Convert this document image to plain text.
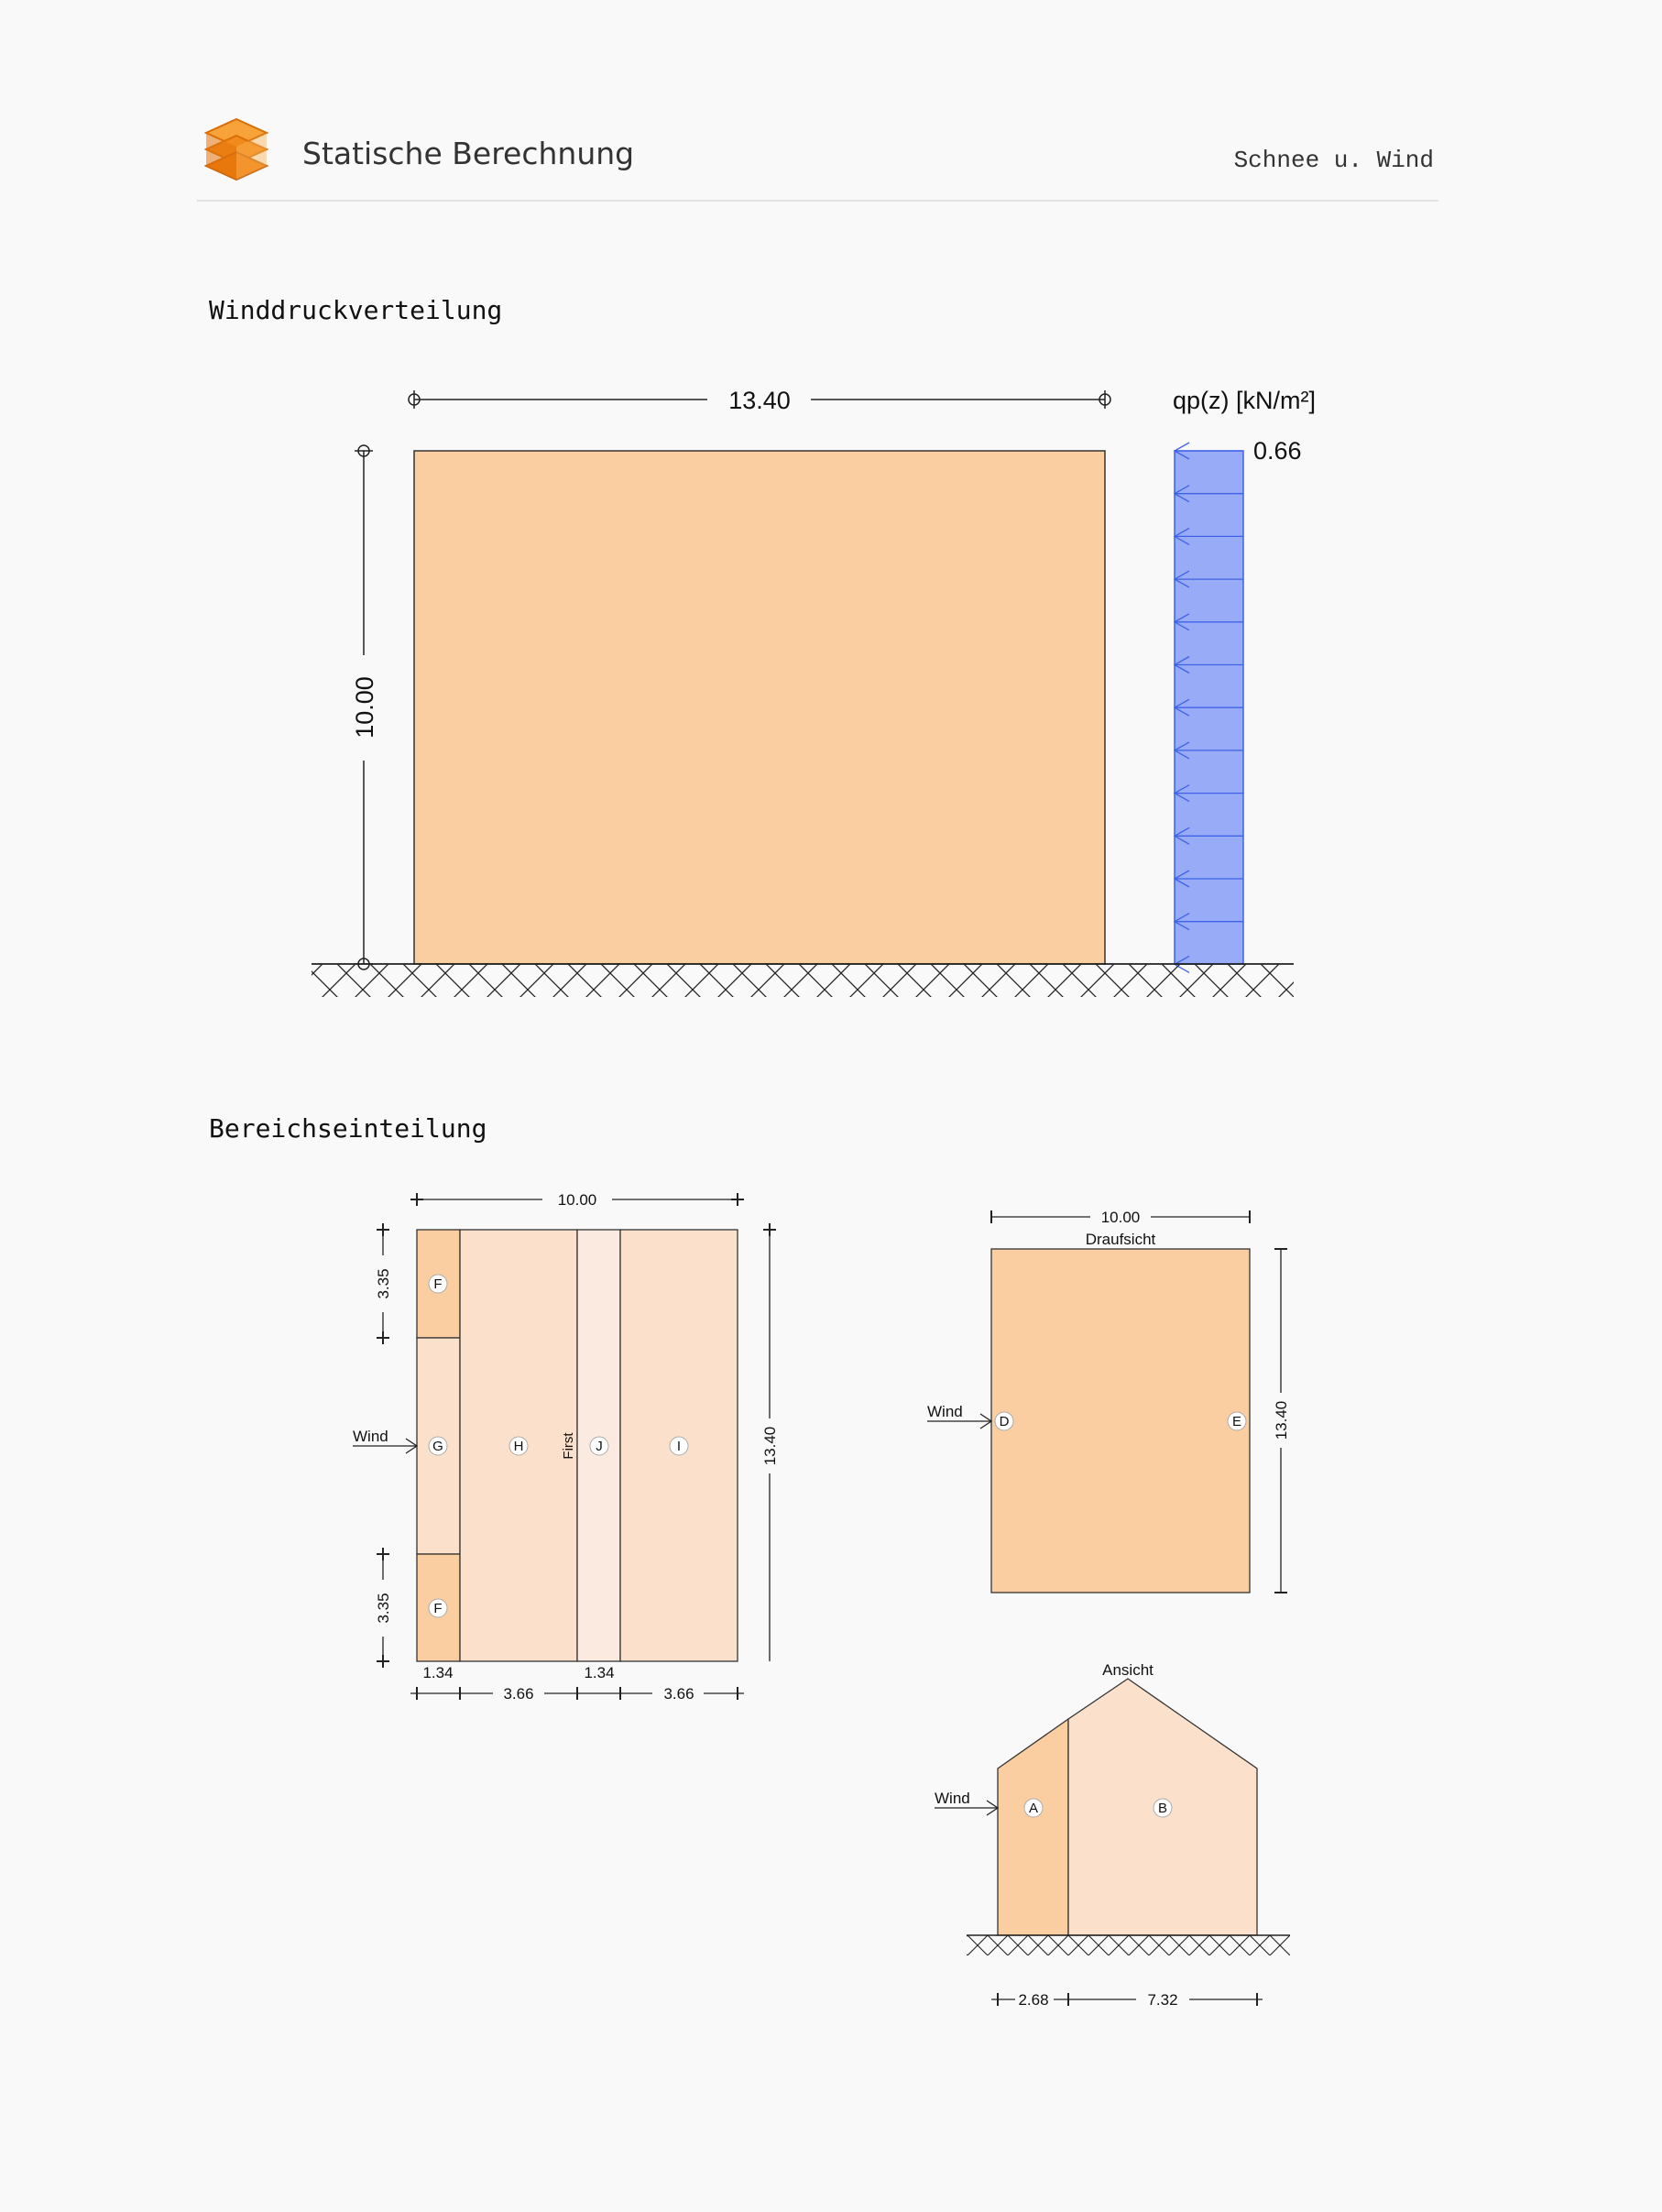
Statische Berechnung	Schnee u. Wind
Winddruckverteilung
Bereichseinteilung
13.40
10.00
qp(z) [kN/m²]
0.66
F
G
F
H	J	I
First
Wind
10.00
13.40
3.35
3.35
1.34	1.34
3.66	3.66
Draufsicht
10.00
13.40
Wind
D	E
Ansicht
Wind
A	B
2.68	7.32
